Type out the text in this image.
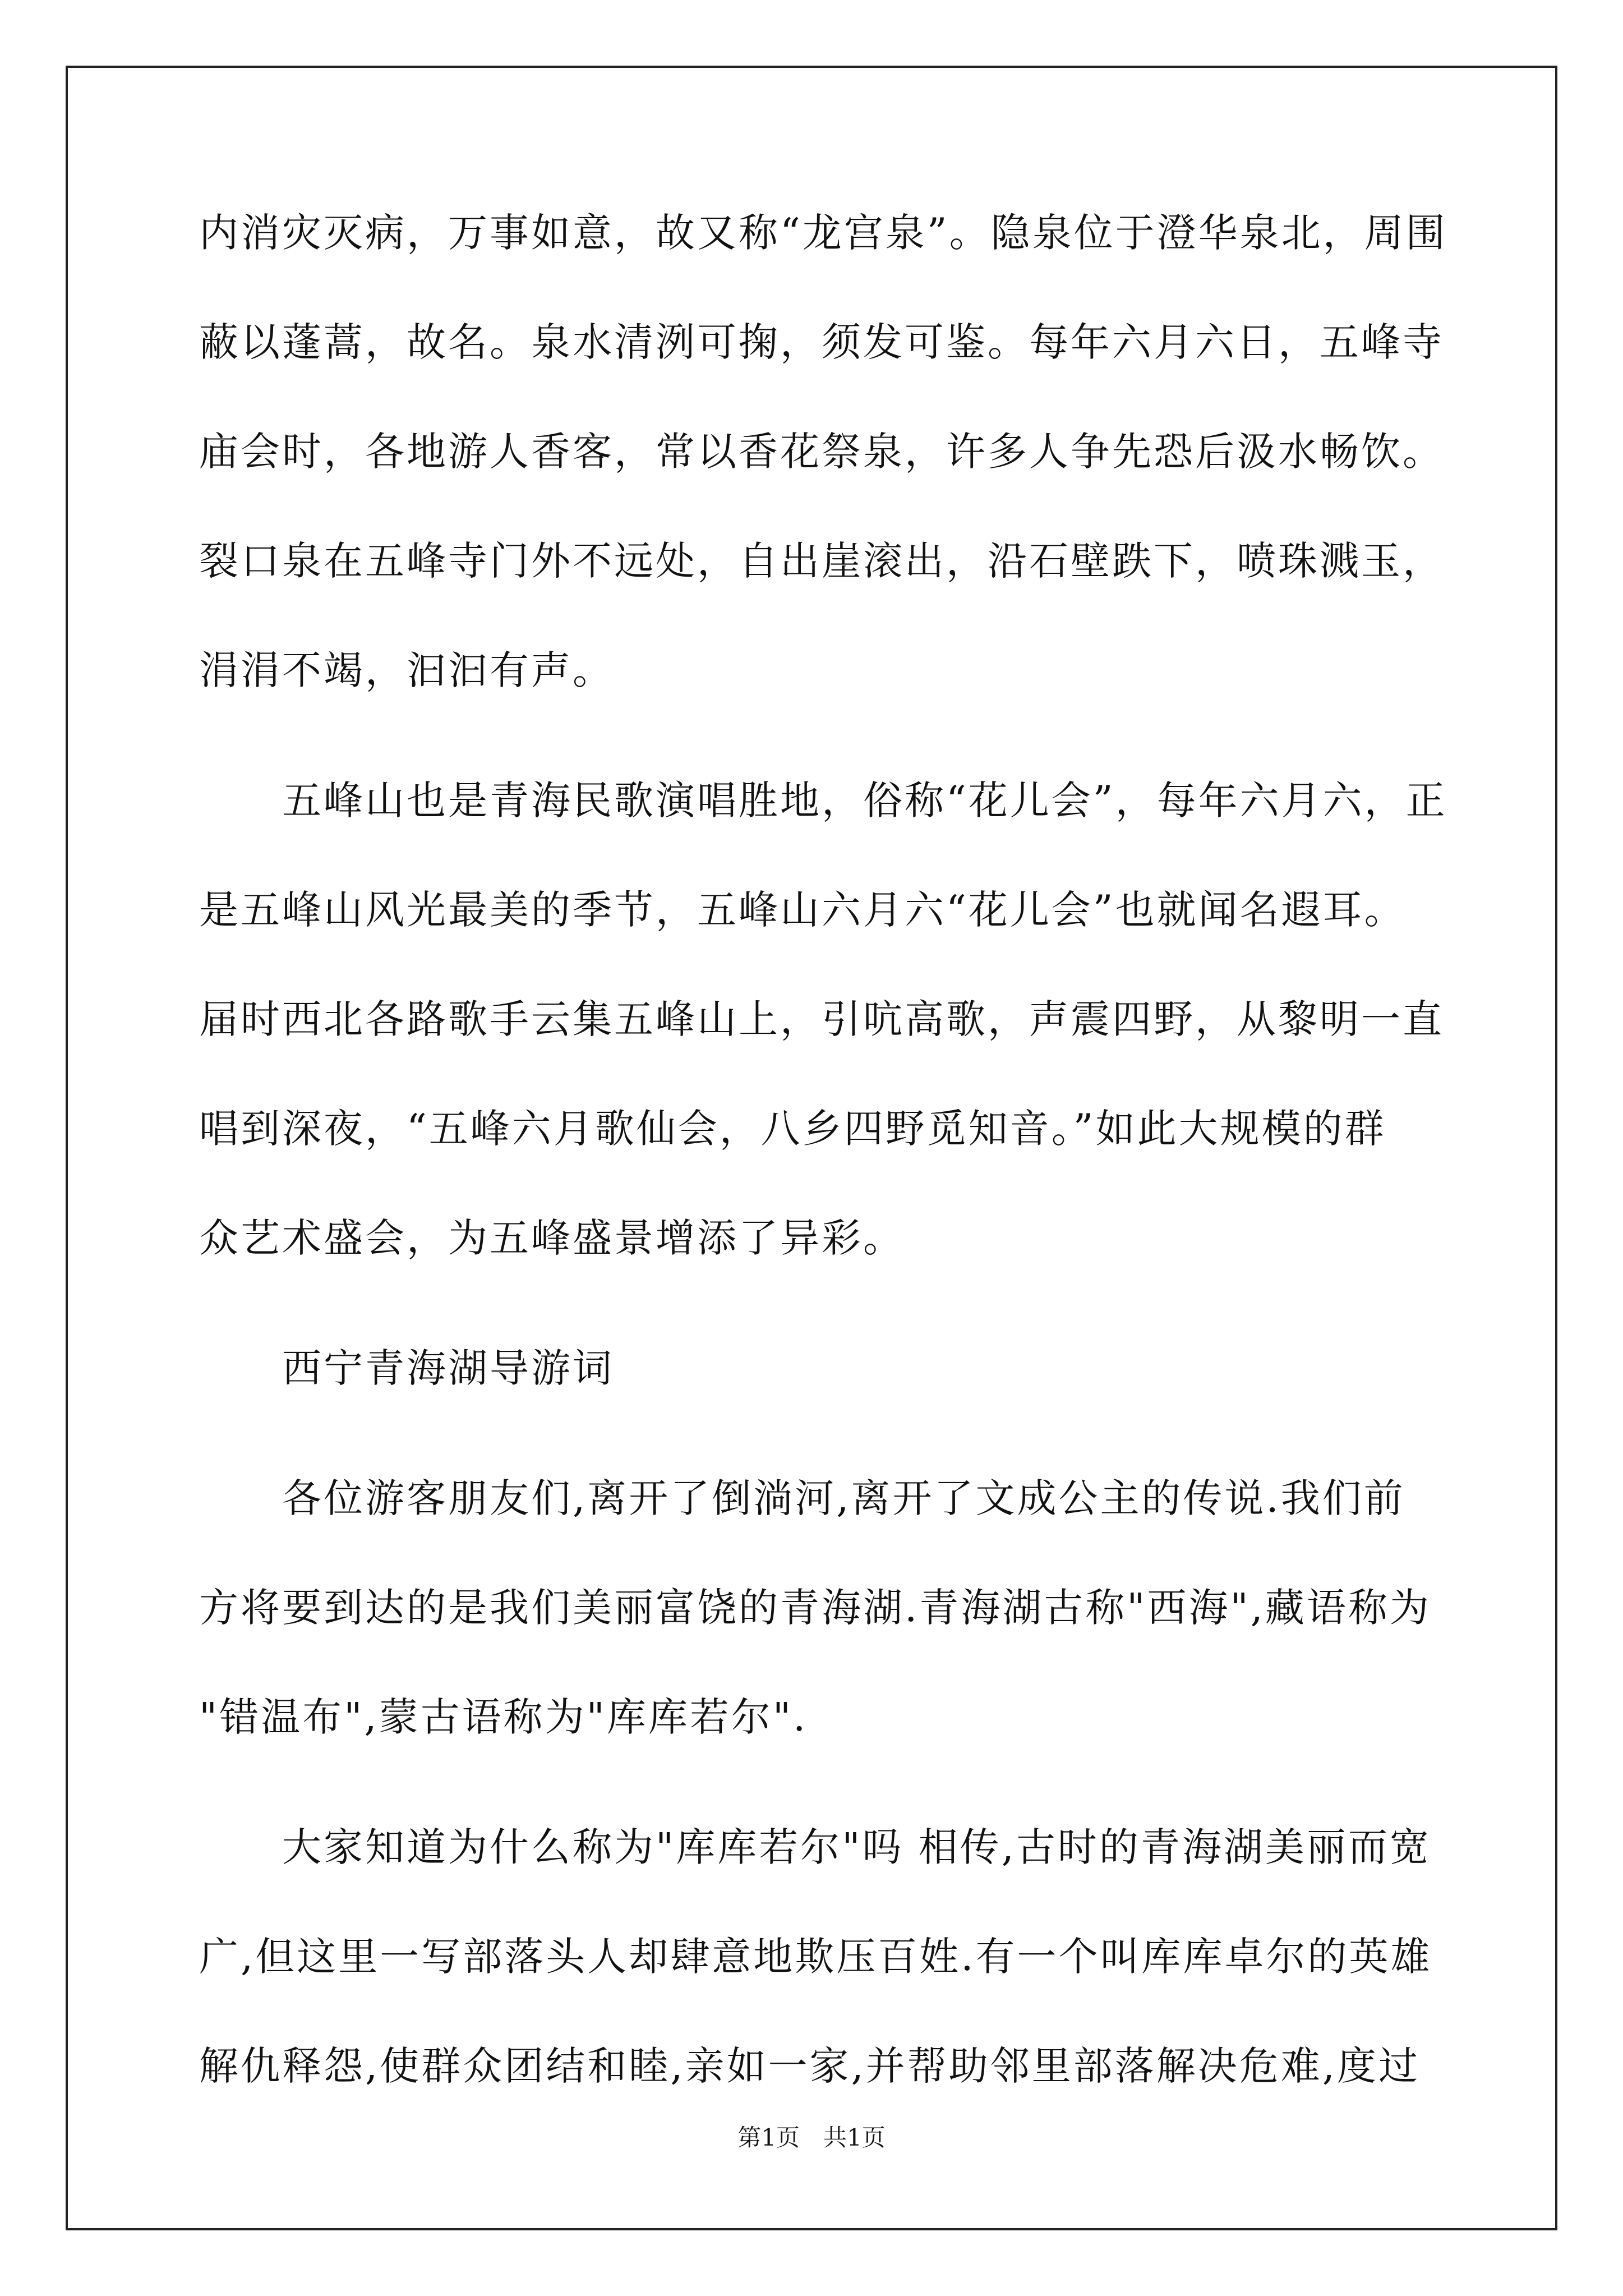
内消灾灭病，万事如意，故又称“龙宫泉”。隐泉位于澄华泉北，周围
蔽以蓬蒿，故名。泉水清洌可掬，须发可鉴。每年六月六日，五峰寺
庙会时，各地游人香客，常以香花祭泉，许多人争先恐后汲水畅饮。
裂口泉在五峰寺门外不远处，自出崖滚出，沿石壁跌下，喷珠溅玉，
涓涓不竭，汩汩有声。
　　五峰山也是青海民歌演唱胜地，俗称“花儿会”，每年六月六，正
是五峰山风光最美的季节，五峰山六月六“花儿会”也就闻名遐耳。
届时西北各路歌手云集五峰山上，引吭高歌，声震四野，从黎明一直
唱到深夜，“五峰六月歌仙会，八乡四野觅知音。”如此大规模的群
众艺术盛会，为五峰盛景增添了异彩。
　　西宁青海湖导游词
　　各位游客朋友们,离开了倒淌河,离开了文成公主的传说.我们前
方将要到达的是我们美丽富饶的青海湖.青海湖古称"西海",藏语称为
"错温布",蒙古语称为"库库若尔".
　　大家知道为什么称为"库库若尔"吗 相传,古时的青海湖美丽而宽
广,但这里一写部落头人却肆意地欺压百姓.有一个叫库库卓尔的英雄
解仇释怨,使群众团结和睦,亲如一家,并帮助邻里部落解决危难,度过
第1页　共1页
